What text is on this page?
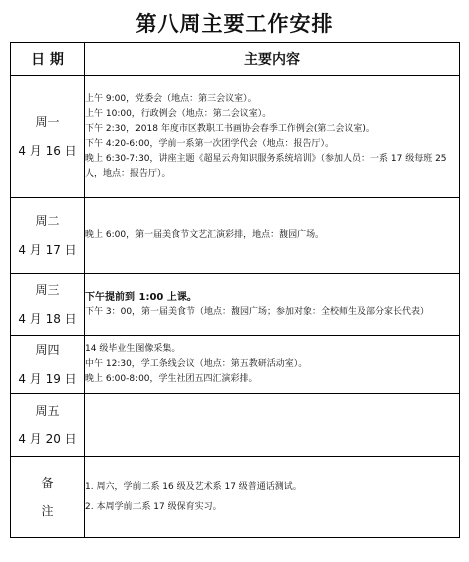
第八周主要工作安排
日 期	主要内容

周一
4 月 16 日	上午 9:00，党委会（地点：第三会议室）。
上午 10:00，行政例会（地点：第二会议室）。
下午 2:30，2018 年度市区教职工书画协会春季工作例会(第二会议室)。
下午 4:20-6:00，学前一系第一次团学代会（地点：报告厅）。
晚上 6:30-7:30，讲座主题《超星云舟知识服务系统培训》（参加人员：一系 17 级每班 25 人，地点：报告厅）。

周二
4 月 17 日	晚上 6:00，第一届美食节文艺汇演彩排，地点：馥园广场。

周三
4 月 18 日	下午提前到 1:00 上课。
下午 3：00，第一届美食节（地点：馥园广场；参加对象：全校师生及部分家长代表）

周四
4 月 19 日	14 级毕业生图像采集。
中午 12:30，学工条线会议（地点：第五教研活动室）。
晚上 6:00-8:00，学生社团五四汇演彩排。

周五
4 月 20 日	

备
注	1. 周六，学前二系 16 级及艺术系 17 级普通话测试。
2. 本周学前二系 17 级保育实习。
